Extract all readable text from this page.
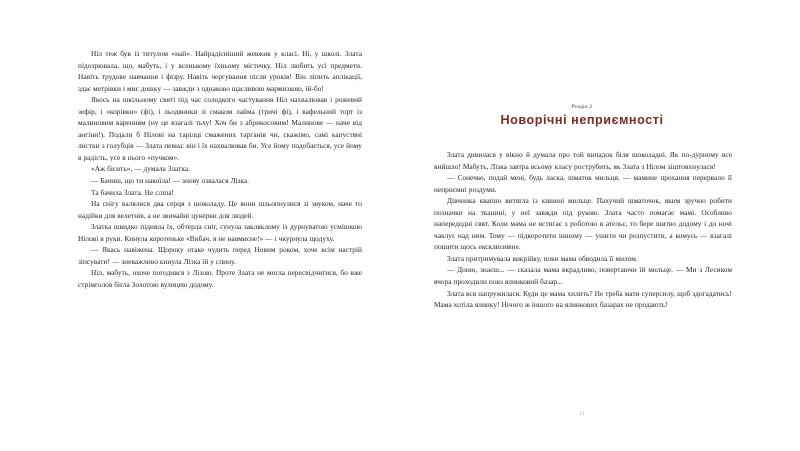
Ніл теж був із титулом «най». Найрадісніший жевжик у класі. Ні, у школі. Злата підозрювала, що, мабуть, і у всенькому їхньому містечку. Ніл любить усі предмети. Навіть трудове навчання і фізру. Навіть чергування після уроків! Він ліпить аплікації, здає метрівки і миє дошку — завжди з однаково щасливою мармизкою, їй-бо!

Якось на шкільному святі під час солодкого частування Ніл нахвалював і рожевий зефір, і «корівки» (фі), і льодяники зі смаком лайма (тричі фі), і вафельний торт із малиновим варенням (ну це взагалі тьху! Хоч би з абрикосовим! Малинове — наче від ангіни!). Подали б Нілові на тарілці смажених тарганів чи, скажімо, самі капустяні листки з голубців — Злата певна: він і їх нахвалював би. Усе йому подобається, усе йому в радість, усе в нього «пучком».

«Аж бісить», — думала Златка.

— Бачиш, що ти накоїла! — знову озвалася Лізка.

Та бачила Злата. Не сліпа!

На снігу валялися два серця з шоколаду. Це вони шльопнулися зі звуком, наче то надійки для велетнів, а не звичайні цукерки для людей.

Златка швидко підняла їх, обтерла сніг, сунула закляклому із дурнуватою усмішкою Нілові в руки. Кинула коротеньке «Вибач, я не навмисне!» — і чкурнула щодуху.

— Якась навіжена. Щороку отаке чудить перед Новим роком, хоче всім настрій зіпсувати! — зневажливо кинула Лізка їй у спину.

Ніл, мабуть, охоче погодився з Лізою. Проте Злата не могла пересвідчитися, бо вже стрімголов бігла Золотою вулицею додому.

Розділ 2
Новорічні неприємності

Злата дивилася у вікно й думала про той випадок біля шоколадні. Як по-дурному все вийшло! Мабуть, Лізка завтра всьому класу рострубить, як Злата з Нілом зіштовхнулася!

— Сонечко, подай мені, будь ласка, шматок мильця, — мамине прохання перервало її неприємні роздуми.

Дівчинка квапно витягла із кишені мильце. Пахучий шматочок, яким зручно робити позначки на тканині, у неї завжди під рукою. Злата часто помагає мамі. Особливо напередодні свят. Коли мама не встигає з роботою в ательє, то бере шитво додому і до ночі чаклує над ним. Тому — підкоротити іншому — ушити чи розпустити, а комусь — взагалі пошити щось ексклюзивне.

Злата притримувала викрійку, поки мама обводила її милом.

— Доню, знаєш... — сказала мама вкрадливо, повертаючи їй мильце. — Ми з Лесиком вчора проходили повз ялинковий базар...

Злата вся напружилася. Куди це мама хилить? Не треба мати суперсилу, щоб здогадатись! Мама хотіла ялинку! Нічого ж іншого на ялинкових базарах не продають!

11
